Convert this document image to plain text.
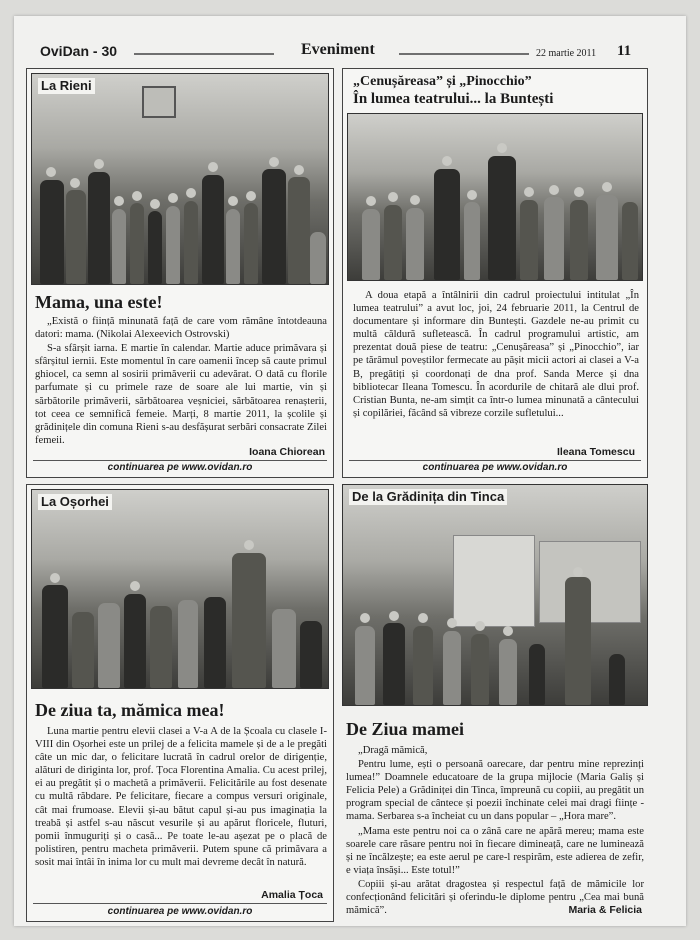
OviDan - 30	Eveniment	22 martie 2011 11
La Rieni
Mama, una este!

„Există o ființă minunată față de care vom rămâne întotdeauna datori: mama. (Nikolai Alexeevich Ostrovski)

S-a sfârșit iarna. E martie în calendar. Martie aduce primăvara și sfârșitul iernii. Este momentul în care oamenii încep să caute primul ghiocel, ca semn al sosirii primăverii cu adevărat. O dată cu florile parfumate și cu primele raze de soare ale lui martie, vin și sărbătorile primăverii, sărbătoarea veșniciei, sărbătoarea renașterii, tot ceea ce semnifică femeie. Marți, 8 martie 2011, la școlile și grădinițele din comuna Rieni s-au desfășurat serbări consacrate Zilei femeii.

Ioana Chiorean
continuarea pe www.ovidan.ro
„Cenușăreasa” și „Pinocchio”
În lumea teatrului... la Buntești

A doua etapă a întâlnirii din cadrul proiectului intitulat „În lumea teatrului” a avut loc, joi, 24 februarie 2011, la Centrul de documentare și informare din Buntești. Gazdele ne-au primit cu multă căldură sufletească. În cadrul programului artistic, am prezentat două piese de teatru: „Cenușăreasa” și „Pinocchio”, iar pe tărâmul poveștilor fermecate au pășit micii actori ai clasei a V-a B, pregătiți și coordonați de dna prof. Sanda Merce și dna bibliotecar Ileana Tomescu. În acordurile de chitară ale dlui prof. Cristian Bunta, ne-am simțit ca într-o lumea minunată a cântecului și copilăriei, făcând să vibreze corzile sufletului...

Ileana Tomescu
continuarea pe www.ovidan.ro
La Oșorhei
De ziua ta, mămica mea!

Luna martie pentru elevii clasei a V-a A de la Școala cu clasele I-VIII din Oșorhei este un prilej de a felicita mamele și de a le pregăti câte un mic dar, o felicitare lucrată în cadrul orelor de dirigenție, alături de diriginta lor, prof. Țoca Florentina Amalia. Cu acest prilej, ei au pregătit și o machetă a primăverii. Felicitările au fost desenate cu multă răbdare. Pe felicitare, fiecare a compus versuri originale, cât mai frumoase. Elevii și-au bătut capul și-au pus imaginația la treabă și astfel s-au născut vesurile și au apărut floricele, fluturi, pomii înmuguriți și o casă... Pe toate le-au așezat pe o placă de polistiren, pentru macheta primăverii. Putem spune că primăvara a sosit mai întâi în inima lor cu mult mai devreme decât în natură.

Amalia Țoca
continuarea pe www.ovidan.ro
De la Grădinița din Tinca
De Ziua mamei

„Dragă mămică,

Pentru lume, ești o persoană oarecare, dar pentru mine reprezinți lumea!” Doamnele educatoare de la grupa mijlocie (Maria Galiș și Felicia Pele) a Grădiniței din Tinca, împreună cu copiii, au pregătit un program special de cântece și poezii închinate celei mai dragi ființe - mama. Serbarea s-a încheiat cu un dans popular – „Hora mare”.

„Mama este pentru noi ca o zână care ne apără mereu; mama este soarele care răsare pentru noi în fiecare dimineață, care ne luminează și ne încălzește; ea este aerul pe care-l respirăm, este adierea de zefir, e viața însăși... Este totul!”

Copiii și-au arătat dragostea și respectul față de mămicile lor confecționând felicitări și oferindu-le diplome pentru „Cea mai bună mămică”.	Maria & Felicia
